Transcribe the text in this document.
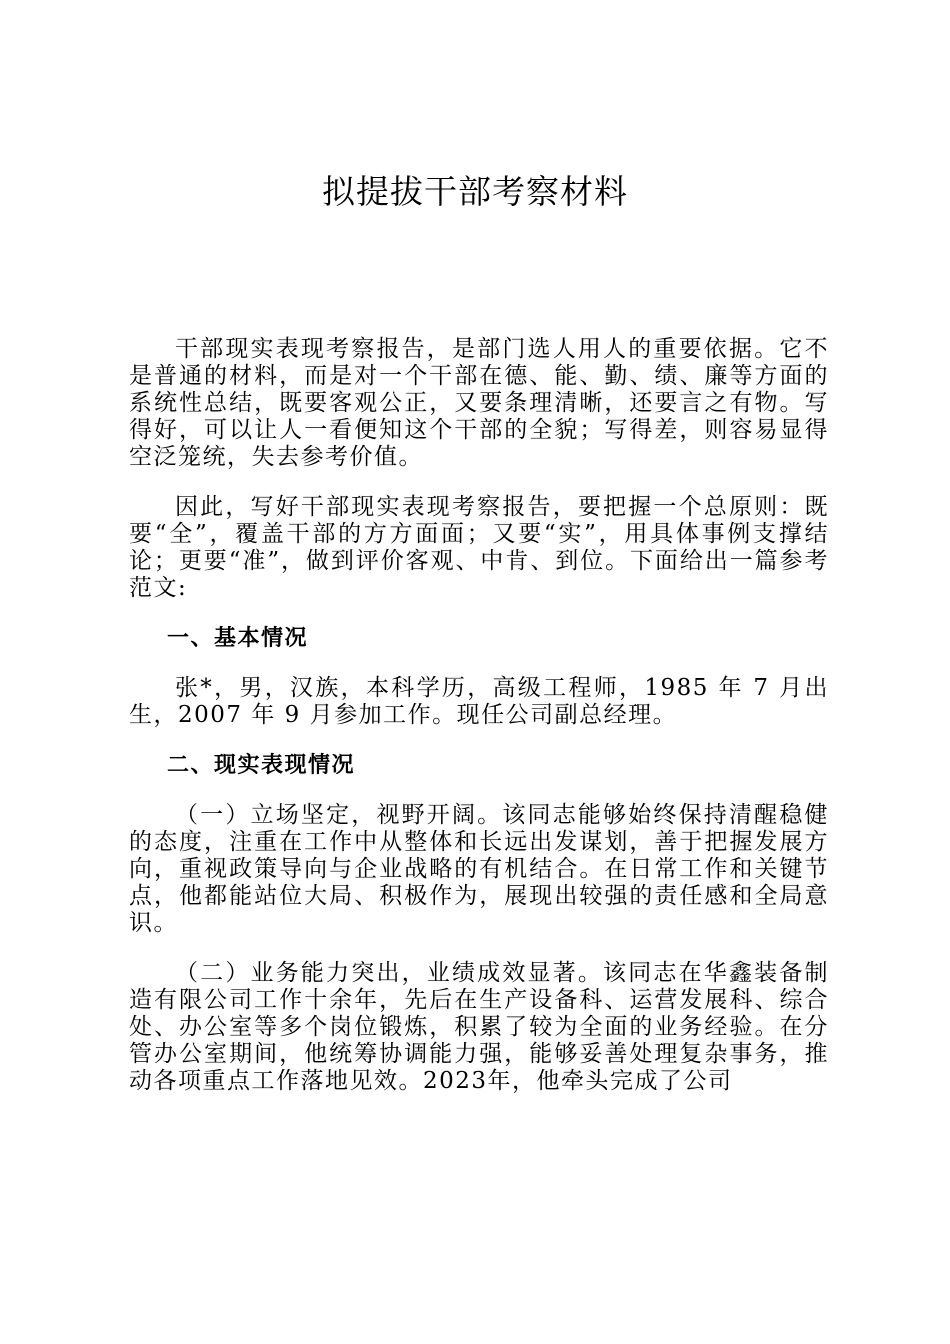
拟提拔干部考察材料

干部现实表现考察报告，是部门选人用人的重要依据。它不是普通的材料，而是对一个干部在德、能、勤、绩、廉等方面的系统性总结，既要客观公正，又要条理清晰，还要言之有物。写得好，可以让人一看便知这个干部的全貌；写得差，则容易显得空泛笼统，失去参考价值。

因此，写好干部现实表现考察报告，要把握一个总原则：既要“全”，覆盖干部的方方面面；又要“实”，用具体事例支撑结论；更要“准”，做到评价客观、中肯、到位。下面给出一篇参考范文:

一、基本情况

张*，男，汉族，本科学历，高级工程师，1985 年 7 月出生，2007 年 9 月参加工作。现任公司副总经理。

二、现实表现情况

（一）立场坚定，视野开阔。该同志能够始终保持清醒稳健的态度，注重在工作中从整体和长远出发谋划，善于把握发展方向，重视政策导向与企业战略的有机结合。在日常工作和关键节点，他都能站位大局、积极作为，展现出较强的责任感和全局意识。

（二）业务能力突出，业绩成效显著。该同志在华鑫装备制造有限公司工作十余年，先后在生产设备科、运营发展科、综合处、办公室等多个岗位锻炼，积累了较为全面的业务经验。在分管办公室期间，他统筹协调能力强，能够妥善处理复杂事务，推动各项重点工作落地见效。2023年，他牵头完成了公司
